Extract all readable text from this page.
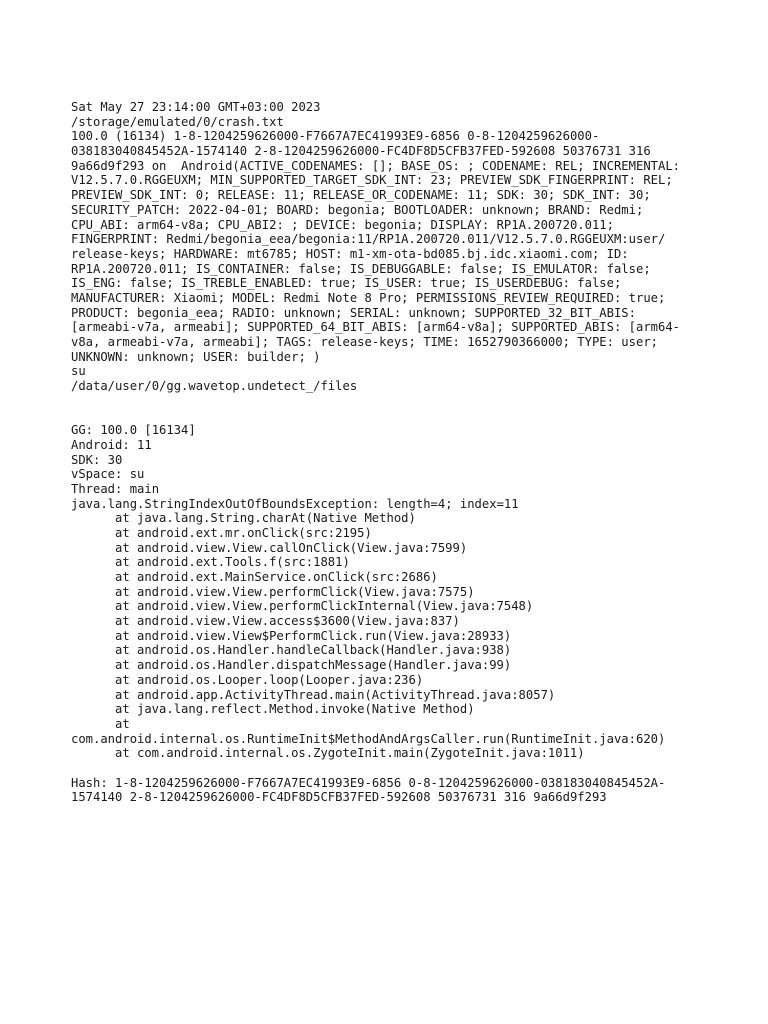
Sat May 27 23:14:00 GMT+03:00 2023
/storage/emulated/0/crash.txt
100.0 (16134) 1-8-1204259626000-F7667A7EC41993E9-6856 0-8-1204259626000-
038183040845452A-1574140 2-8-1204259626000-FC4DF8D5CFB37FED-592608 50376731 316
9a66d9f293 on  Android(ACTIVE_CODENAMES: []; BASE_OS: ; CODENAME: REL; INCREMENTAL:
V12.5.7.0.RGGEUXM; MIN_SUPPORTED_TARGET_SDK_INT: 23; PREVIEW_SDK_FINGERPRINT: REL;
PREVIEW_SDK_INT: 0; RELEASE: 11; RELEASE_OR_CODENAME: 11; SDK: 30; SDK_INT: 30;
SECURITY_PATCH: 2022-04-01; BOARD: begonia; BOOTLOADER: unknown; BRAND: Redmi;
CPU_ABI: arm64-v8a; CPU_ABI2: ; DEVICE: begonia; DISPLAY: RP1A.200720.011;
FINGERPRINT: Redmi/begonia_eea/begonia:11/RP1A.200720.011/V12.5.7.0.RGGEUXM:user/
release-keys; HARDWARE: mt6785; HOST: m1-xm-ota-bd085.bj.idc.xiaomi.com; ID:
RP1A.200720.011; IS_CONTAINER: false; IS_DEBUGGABLE: false; IS_EMULATOR: false;
IS_ENG: false; IS_TREBLE_ENABLED: true; IS_USER: true; IS_USERDEBUG: false;
MANUFACTURER: Xiaomi; MODEL: Redmi Note 8 Pro; PERMISSIONS_REVIEW_REQUIRED: true;
PRODUCT: begonia_eea; RADIO: unknown; SERIAL: unknown; SUPPORTED_32_BIT_ABIS:
[armeabi-v7a, armeabi]; SUPPORTED_64_BIT_ABIS: [arm64-v8a]; SUPPORTED_ABIS: [arm64-
v8a, armeabi-v7a, armeabi]; TAGS: release-keys; TIME: 1652790366000; TYPE: user;
UNKNOWN: unknown; USER: builder; )
su
/data/user/0/gg.wavetop.undetect_/files
GG: 100.0 [16134]
Android: 11
SDK: 30
vSpace: su
Thread: main
java.lang.StringIndexOutOfBoundsException: length=4; index=11
at java.lang.String.charAt(Native Method)
at android.ext.mr.onClick(src:2195)
at android.view.View.callOnClick(View.java:7599)
at android.ext.Tools.f(src:1881)
at android.ext.MainService.onClick(src:2686)
at android.view.View.performClick(View.java:7575)
at android.view.View.performClickInternal(View.java:7548)
at android.view.View.access$3600(View.java:837)
at android.view.View$PerformClick.run(View.java:28933)
at android.os.Handler.handleCallback(Handler.java:938)
at android.os.Handler.dispatchMessage(Handler.java:99)
at android.os.Looper.loop(Looper.java:236)
at android.app.ActivityThread.main(ActivityThread.java:8057)
at java.lang.reflect.Method.invoke(Native Method)
at
com.android.internal.os.RuntimeInit$MethodAndArgsCaller.run(RuntimeInit.java:620)
at com.android.internal.os.ZygoteInit.main(ZygoteInit.java:1011)
Hash: 1-8-1204259626000-F7667A7EC41993E9-6856 0-8-1204259626000-038183040845452A-
1574140 2-8-1204259626000-FC4DF8D5CFB37FED-592608 50376731 316 9a66d9f293
